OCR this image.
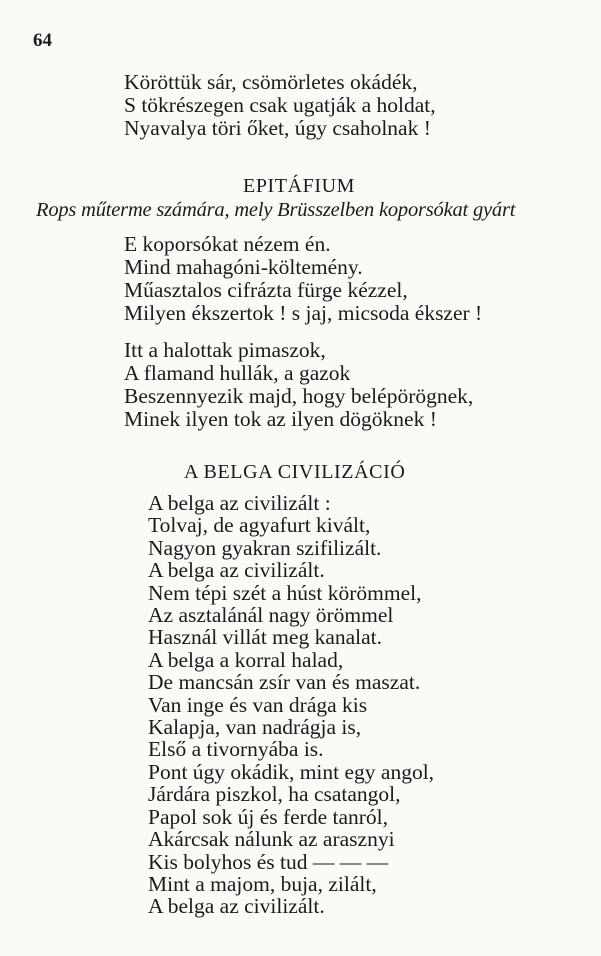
64
Köröttük sár, csömörletes okádék,
S tökrészegen csak ugatják a holdat,
Nyavalya töri őket, úgy csaholnak !
EPITÁFIUM
Rops műterme számára, mely Brüsszelben koporsókat gyárt
E koporsókat nézem én.
Mind mahagóni-költemény.
Műasztalos cifrázta fürge kézzel,
Milyen ékszertok ! s jaj, micsoda ékszer !
Itt a halottak pimaszok,
A flamand hullák, a gazok
Beszennyezik majd, hogy belépörögnek,
Minek ilyen tok az ilyen dögöknek !
A BELGA CIVILIZÁCIÓ
A belga az civilizált :
Tolvaj, de agyafurt kivált,
Nagyon gyakran szifilizált.
A belga az civilizált.
Nem tépi szét a húst körömmel,
Az asztalánál nagy örömmel
Használ villát meg kanalat.
A belga a korral halad,
De mancsán zsír van és maszat.
Van inge és van drága kis
Kalapja, van nadrágja is,
Első a tivornyába is.
Pont úgy okádik, mint egy angol,
Járdára piszkol, ha csatangol,
Papol sok új és ferde tanról,
Akárcsak nálunk az arasznyi
Kis bolyhos és tud — — —
Mint a majom, buja, zilált,
A belga az civilizált.
